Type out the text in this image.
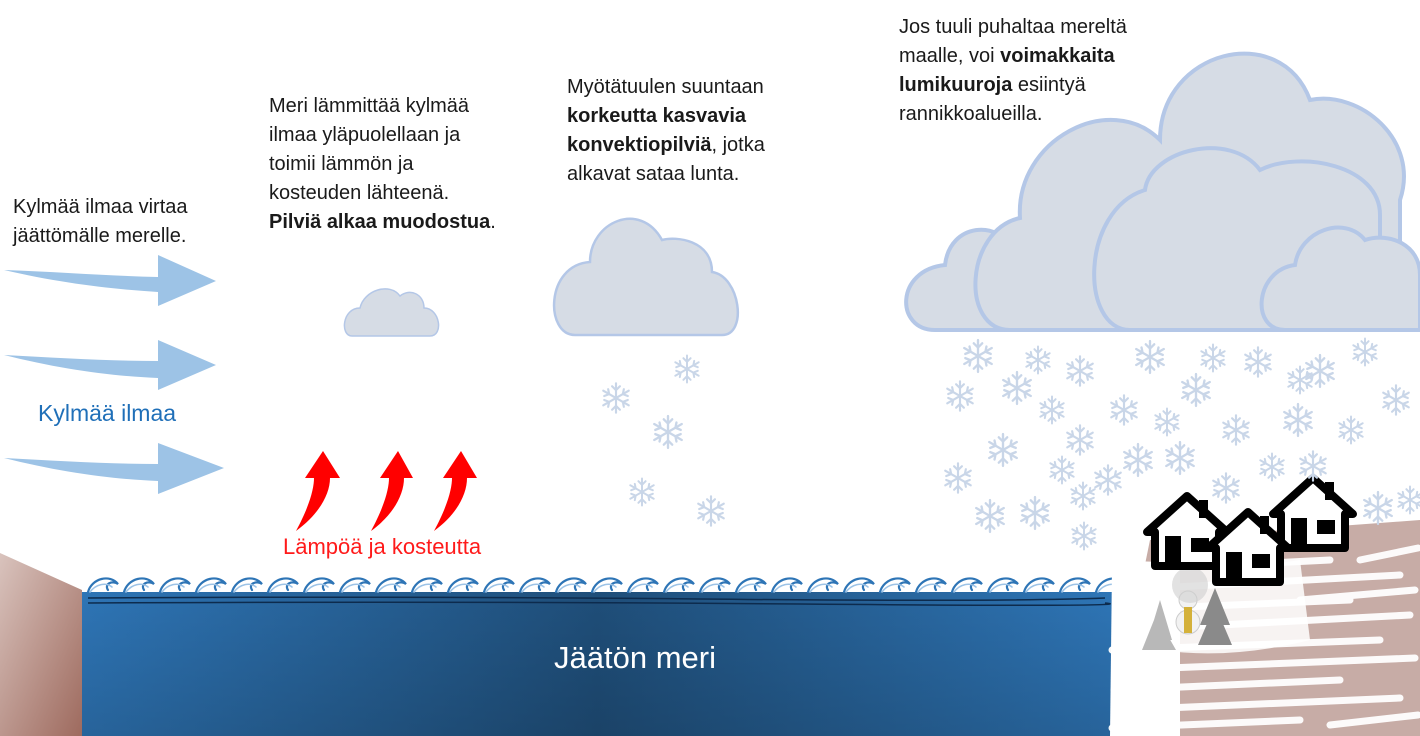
Kylmää ilmaa virtaa
jäättömälle merelle.

Meri lämmittää kylmää
ilmaa yläpuolellaan ja
toimii lämmön ja
kosteuden lähteenä.
Pilviä alkaa muodostua.

Myötätuulen suuntaan
korkeutta kasvavia
konvektiopilviä, jotka
alkavat sataa lunta.

Jos tuuli puhaltaa mereltä
maalle, voi voimakkaita
lumikuuroja esiintyä
rannikkoalueilla.

Kylmää ilmaa
Lämpöä ja kosteutta
Jäätön meri
